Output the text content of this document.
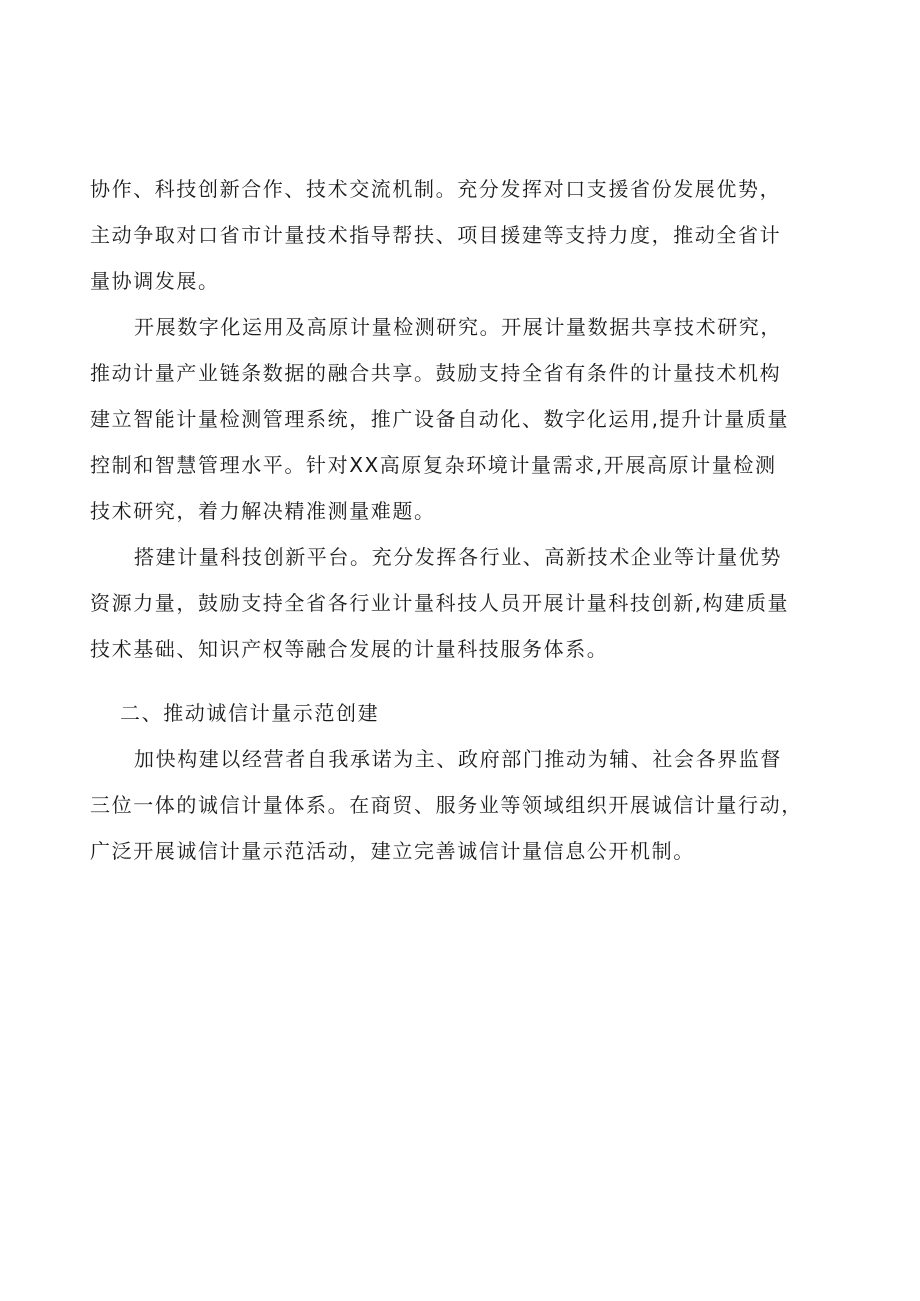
协作、科技创新合作、技术交流机制。充分发挥对口支援省份发展优势，
主动争取对口省市计量技术指导帮扶、项目援建等支持力度，推动全省计
量协调发展。
开展数字化运用及高原计量检测研究。开展计量数据共享技术研究，
推动计量产业链条数据的融合共享。鼓励支持全省有条件的计量技术机构
建立智能计量检测管理系统，推广设备自动化、数字化运用,提升计量质量
控制和智慧管理水平。针对XX高原复杂环境计量需求,开展高原计量检测
技术研究，着力解决精准测量难题。
搭建计量科技创新平台。充分发挥各行业、高新技术企业等计量优势
资源力量，鼓励支持全省各行业计量科技人员开展计量科技创新,构建质量
技术基础、知识产权等融合发展的计量科技服务体系。
二、推动诚信计量示范创建
加快构建以经营者自我承诺为主、政府部门推动为辅、社会各界监督
三位一体的诚信计量体系。在商贸、服务业等领域组织开展诚信计量行动，
广泛开展诚信计量示范活动，建立完善诚信计量信息公开机制。
